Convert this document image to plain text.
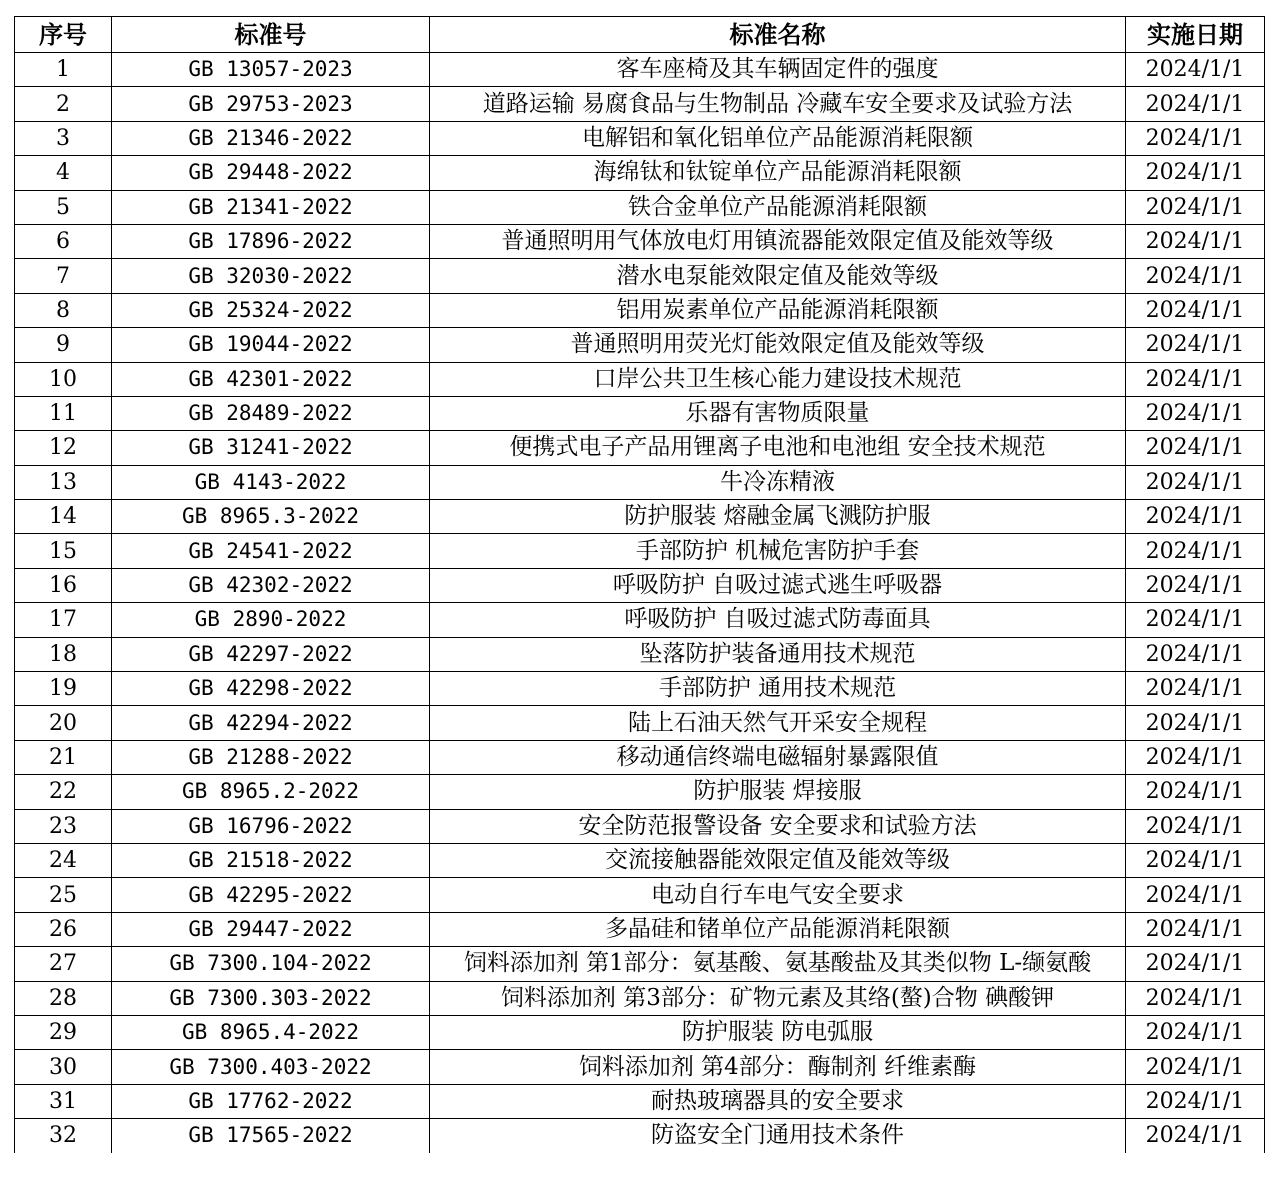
序号	标准号	标准名称	实施日期
1	GB 13057-2023	客车座椅及其车辆固定件的强度	2024/1/1
2	GB 29753-2023	道路运输 易腐食品与生物制品 冷藏车安全要求及试验方法	2024/1/1
3	GB 21346-2022	电解铝和氧化铝单位产品能源消耗限额	2024/1/1
4	GB 29448-2022	海绵钛和钛锭单位产品能源消耗限额	2024/1/1
5	GB 21341-2022	铁合金单位产品能源消耗限额	2024/1/1
6	GB 17896-2022	普通照明用气体放电灯用镇流器能效限定值及能效等级	2024/1/1
7	GB 32030-2022	潜水电泵能效限定值及能效等级	2024/1/1
8	GB 25324-2022	铝用炭素单位产品能源消耗限额	2024/1/1
9	GB 19044-2022	普通照明用荧光灯能效限定值及能效等级	2024/1/1
10	GB 42301-2022	口岸公共卫生核心能力建设技术规范	2024/1/1
11	GB 28489-2022	乐器有害物质限量	2024/1/1
12	GB 31241-2022	便携式电子产品用锂离子电池和电池组 安全技术规范	2024/1/1
13	GB 4143-2022	牛冷冻精液	2024/1/1
14	GB 8965.3-2022	防护服装 熔融金属飞溅防护服	2024/1/1
15	GB 24541-2022	手部防护 机械危害防护手套	2024/1/1
16	GB 42302-2022	呼吸防护 自吸过滤式逃生呼吸器	2024/1/1
17	GB 2890-2022	呼吸防护 自吸过滤式防毒面具	2024/1/1
18	GB 42297-2022	坠落防护装备通用技术规范	2024/1/1
19	GB 42298-2022	手部防护 通用技术规范	2024/1/1
20	GB 42294-2022	陆上石油天然气开采安全规程	2024/1/1
21	GB 21288-2022	移动通信终端电磁辐射暴露限值	2024/1/1
22	GB 8965.2-2022	防护服装 焊接服	2024/1/1
23	GB 16796-2022	安全防范报警设备 安全要求和试验方法	2024/1/1
24	GB 21518-2022	交流接触器能效限定值及能效等级	2024/1/1
25	GB 42295-2022	电动自行车电气安全要求	2024/1/1
26	GB 29447-2022	多晶硅和锗单位产品能源消耗限额	2024/1/1
27	GB 7300.104-2022	饲料添加剂 第1部分：氨基酸、氨基酸盐及其类似物 L-缬氨酸	2024/1/1
28	GB 7300.303-2022	饲料添加剂 第3部分：矿物元素及其络(螯)合物 碘酸钾	2024/1/1
29	GB 8965.4-2022	防护服装 防电弧服	2024/1/1
30	GB 7300.403-2022	饲料添加剂 第4部分：酶制剂 纤维素酶	2024/1/1
31	GB 17762-2022	耐热玻璃器具的安全要求	2024/1/1
32	GB 17565-2022	防盗安全门通用技术条件	2024/1/1
